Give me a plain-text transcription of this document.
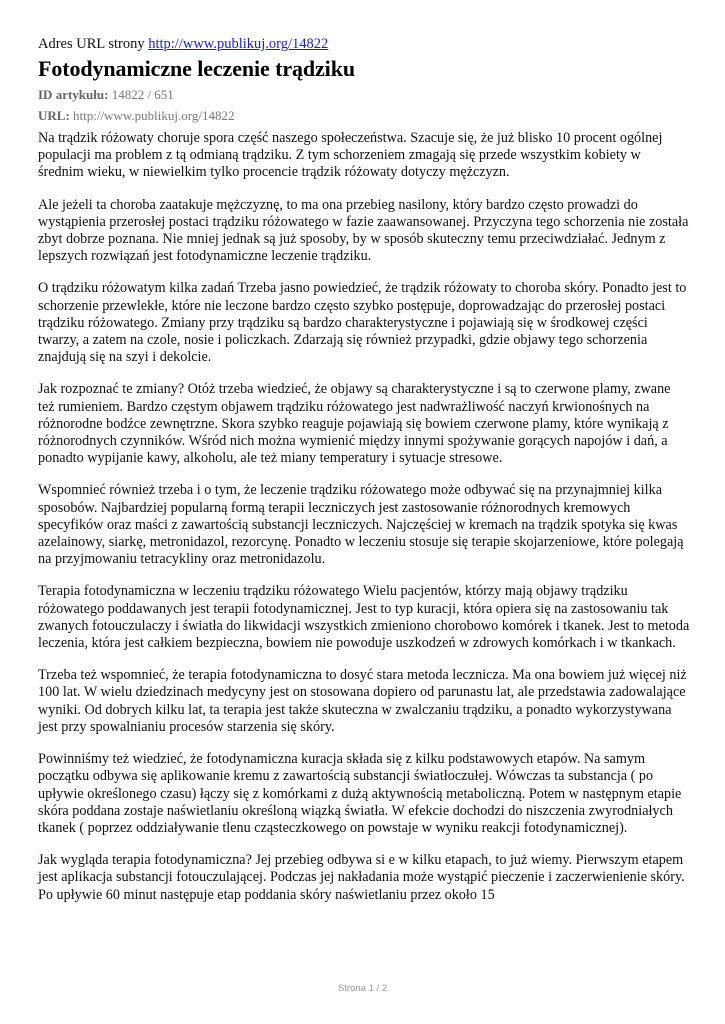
Adres URL strony http://www.publikuj.org/14822
Fotodynamiczne leczenie trądziku
ID artykułu: 14822 / 651
URL: http://www.publikuj.org/14822

Na trądzik różowaty choruje spora część naszego społeczeństwa. Szacuje się, że już blisko 10 procent ogólnej populacji ma problem z tą odmianą trądziku. Z tym schorzeniem zmagają się przede wszystkim kobiety w średnim wieku, w niewielkim tylko procencie trądzik różowaty dotyczy mężczyzn.

Ale jeżeli ta choroba zaatakuje mężczyznę, to ma ona przebieg nasilony, który bardzo często prowadzi do wystąpienia przerosłej postaci trądziku różowatego w fazie zaawansowanej. Przyczyna tego schorzenia nie została zbyt dobrze poznana. Nie mniej jednak są już sposoby, by w sposób skuteczny temu przeciwdziałać. Jednym z lepszych rozwiązań jest fotodynamiczne leczenie trądziku.

O trądziku różowatym kilka zadań Trzeba jasno powiedzieć, że trądzik różowaty to choroba skóry. Ponadto jest to schorzenie przewlekłe, które nie leczone bardzo często szybko postępuje, doprowadzając do przerosłej postaci trądziku różowatego. Zmiany przy trądziku są bardzo charakterystyczne i pojawiają się w środkowej części twarzy, a zatem na czole, nosie i policzkach. Zdarzają się również przypadki, gdzie objawy tego schorzenia znajdują się na szyi i dekolcie.

Jak rozpoznać te zmiany? Otóż trzeba wiedzieć, że objawy są charakterystyczne i są to czerwone plamy, zwane też rumieniem. Bardzo częstym objawem trądziku różowatego jest nadwrażliwość naczyń krwionośnych na różnorodne bodźce zewnętrzne. Skora szybko reaguje pojawiają się bowiem czerwone plamy, które wynikają z różnorodnych czynników. Wśród nich można wymienić między innymi spożywanie gorących napojów i dań, a ponadto wypijanie kawy, alkoholu, ale też miany temperatury i sytuacje stresowe.

Wspomnieć również trzeba i o tym, że leczenie trądziku różowatego może odbywać się na przynajmniej kilka sposobów. Najbardziej popularną formą terapii leczniczych jest zastosowanie różnorodnych kremowych specyfików oraz maści z zawartością substancji leczniczych. Najczęściej w kremach na trądzik spotyka się kwas azelainowy, siarkę, metronidazol, rezorcynę. Ponadto w leczeniu stosuje się terapie skojarzeniowe, które polegają na przyjmowaniu tetracykliny oraz metronidazolu.

Terapia fotodynamiczna w leczeniu trądziku różowatego Wielu pacjentów, którzy mają objawy trądziku różowatego poddawanych jest terapii fotodynamicznej. Jest to typ kuracji, która opiera się na zastosowaniu tak zwanych fotouczulaczy i światła do likwidacji wszystkich zmieniono chorobowo komórek i tkanek. Jest to metoda leczenia, która jest całkiem bezpieczna, bowiem nie powoduje uszkodzeń w zdrowych komórkach i w tkankach.

Trzeba też wspomnieć, że terapia fotodynamiczna to dosyć stara metoda lecznicza. Ma ona bowiem już więcej niż 100 lat. W wielu dziedzinach medycyny jest on stosowana dopiero od parunastu lat, ale przedstawia zadowalające wyniki. Od dobrych kilku lat, ta terapia jest także skuteczna w zwalczaniu trądziku, a ponadto wykorzystywana jest przy spowalnianiu procesów starzenia się skóry.

Powinniśmy też wiedzieć, że fotodynamiczna kuracja składa się z kilku podstawowych etapów. Na samym początku odbywa się aplikowanie kremu z zawartością substancji światłoczułej. Wówczas ta substancja ( po upływie określonego czasu) łączy się z komórkami z dużą aktywnością metaboliczną. Potem w następnym etapie skóra poddana zostaje naświetlaniu określoną wiązką światła. W efekcie dochodzi do niszczenia zwyrodniałych tkanek ( poprzez oddziaływanie tlenu cząsteczkowego on powstaje w wyniku reakcji fotodynamicznej).

Jak wygląda terapia fotodynamiczna? Jej przebieg odbywa si e w kilku etapach, to już wiemy. Pierwszym etapem jest aplikacja substancji fotouczulającej. Podczas jej nakładania może wystąpić pieczenie i zaczerwienienie skóry. Po upływie 60 minut następuje etap poddania skóry naświetlaniu przez około 15

Strona 1 / 2
